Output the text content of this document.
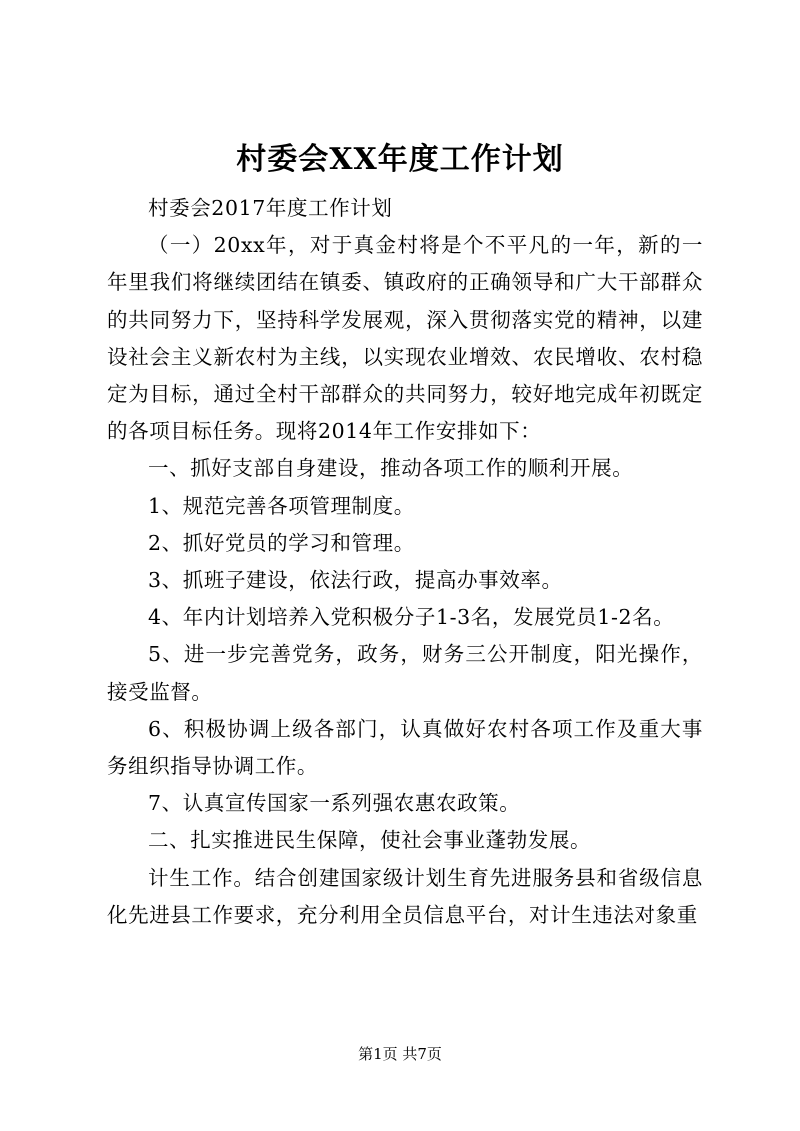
村委会XX年度工作计划

村委会2017年度工作计划

（一）20xx年，对于真金村将是个不平凡的一年，新的一年里我们将继续团结在镇委、镇政府的正确领导和广大干部群众的共同努力下，坚持科学发展观，深入贯彻落实党的精神，以建设社会主义新农村为主线，以实现农业增效、农民增收、农村稳定为目标，通过全村干部群众的共同努力，较好地完成年初既定的各项目标任务。现将2014年工作安排如下：

一、抓好支部自身建设，推动各项工作的顺利开展。

1、规范完善各项管理制度。

2、抓好党员的学习和管理。

3、抓班子建设，依法行政，提高办事效率。

4、年内计划培养入党积极分子1-3名，发展党员1-2名。

5、进一步完善党务，政务，财务三公开制度，阳光操作，接受监督。

6、积极协调上级各部门，认真做好农村各项工作及重大事务组织指导协调工作。

7、认真宣传国家一系列强农惠农政策。

二、扎实推进民生保障，使社会事业蓬勃发展。

计生工作。结合创建国家级计划生育先进服务县和省级信息化先进县工作要求，充分利用全员信息平台，对计生违法对象重

第1页 共7页
